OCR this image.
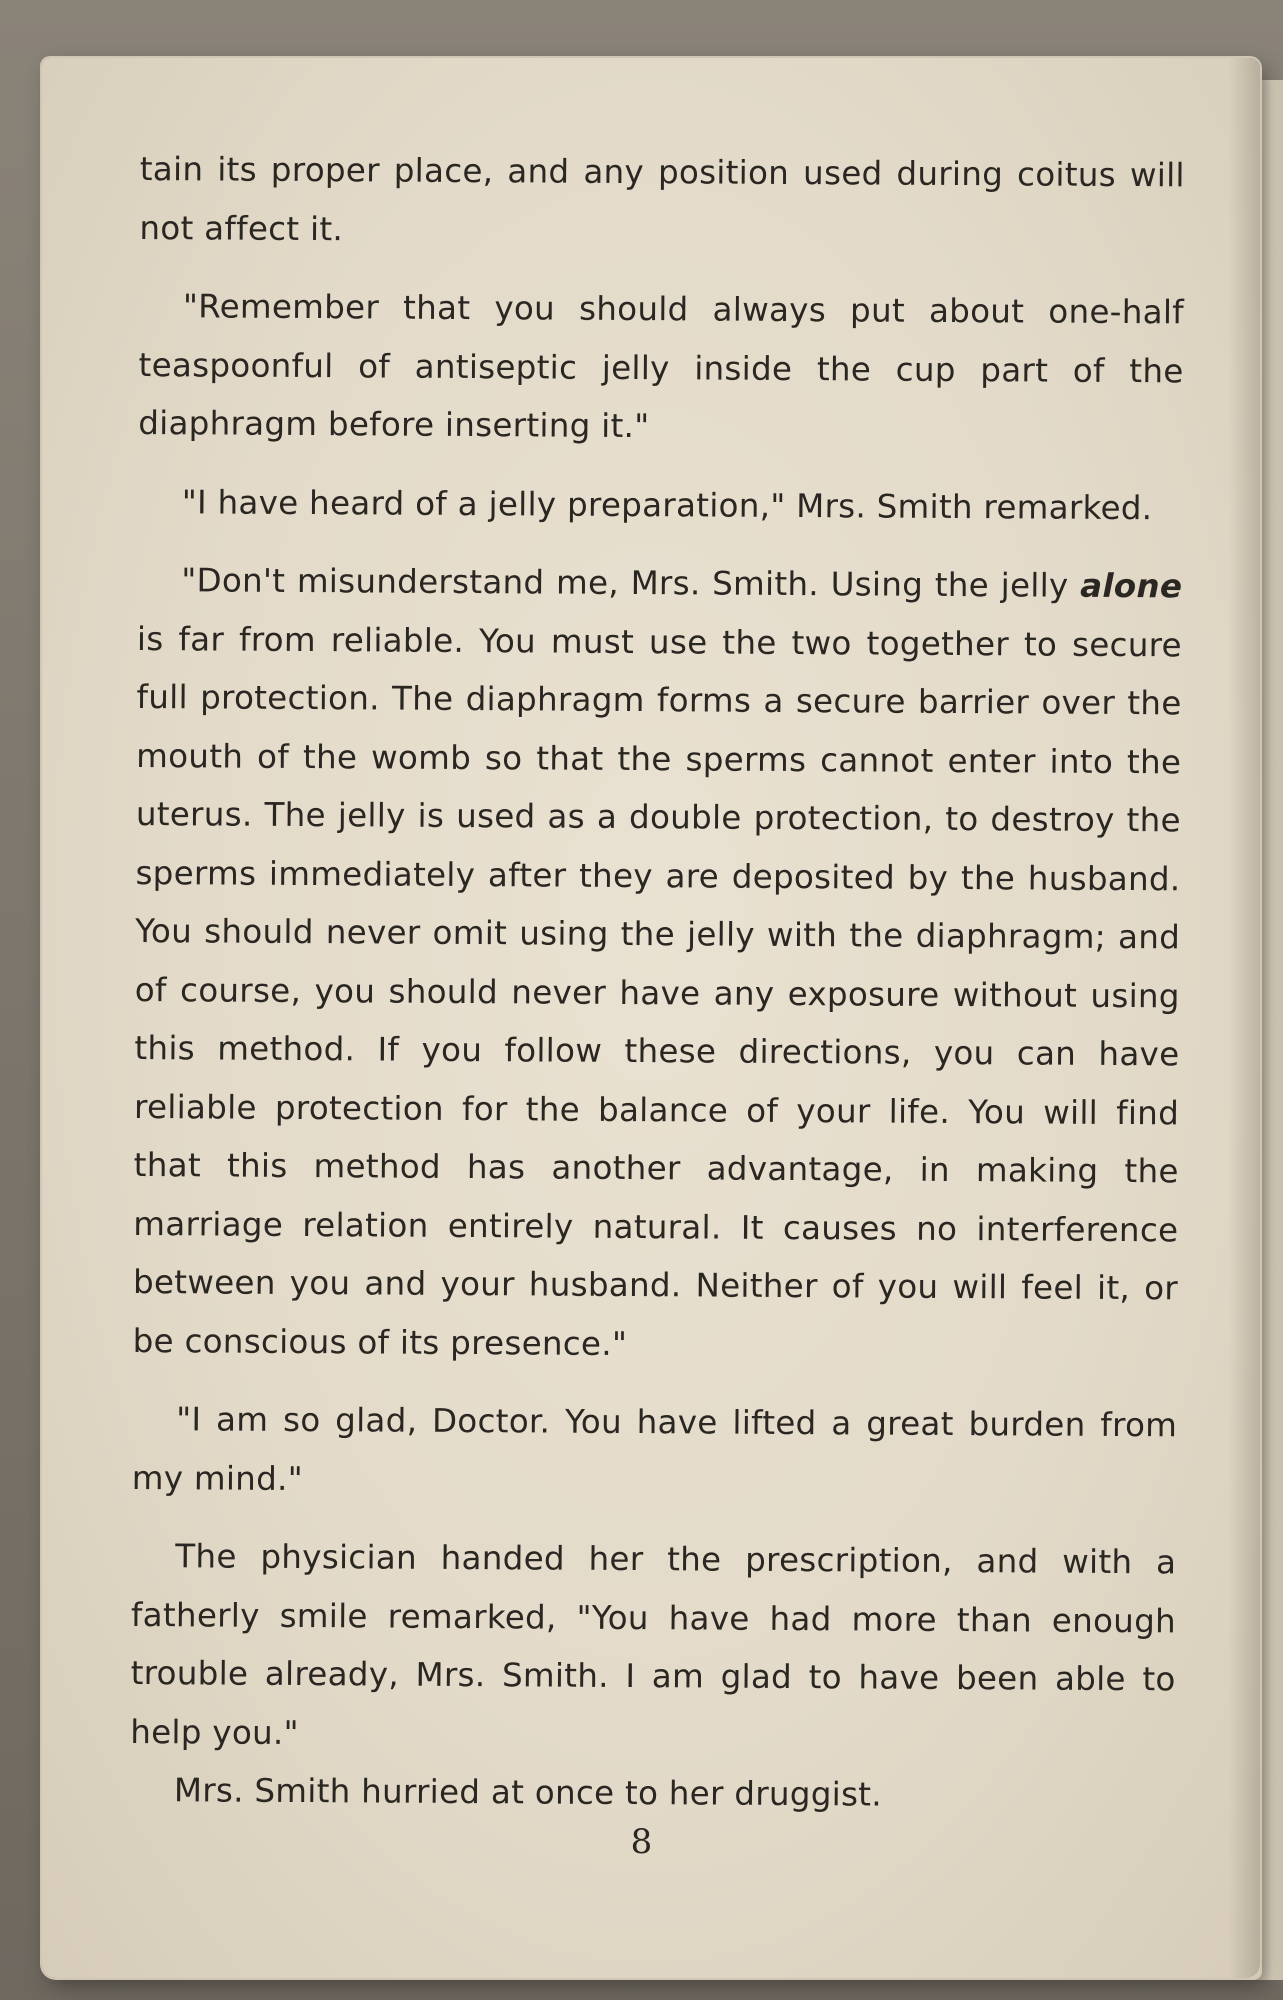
tain its proper place, and any position used during coitus will not affect it.

"Remember that you should always put about one-half teaspoonful of antiseptic jelly inside the cup part of the diaphragm before inserting it."

"I have heard of a jelly preparation," Mrs. Smith remarked.

"Don't misunderstand me, Mrs. Smith. Using the jelly alone is far from reliable. You must use the two together to secure full protection. The diaphragm forms a secure barrier over the mouth of the womb so that the sperms cannot enter into the uterus. The jelly is used as a double protection, to destroy the sperms immediately after they are deposited by the husband. You should never omit using the jelly with the diaphragm; and of course, you should never have any exposure without using this method. If you follow these directions, you can have reliable protection for the balance of your life. You will find that this method has another advantage, in making the marriage relation entirely natural. It causes no interference between you and your husband. Neither of you will feel it, or be conscious of its presence."

"I am so glad, Doctor. You have lifted a great burden from my mind."

The physician handed her the prescription, and with a fatherly smile remarked, "You have had more than enough trouble already, Mrs. Smith. I am glad to have been able to help you."

Mrs. Smith hurried at once to her druggist.

8
